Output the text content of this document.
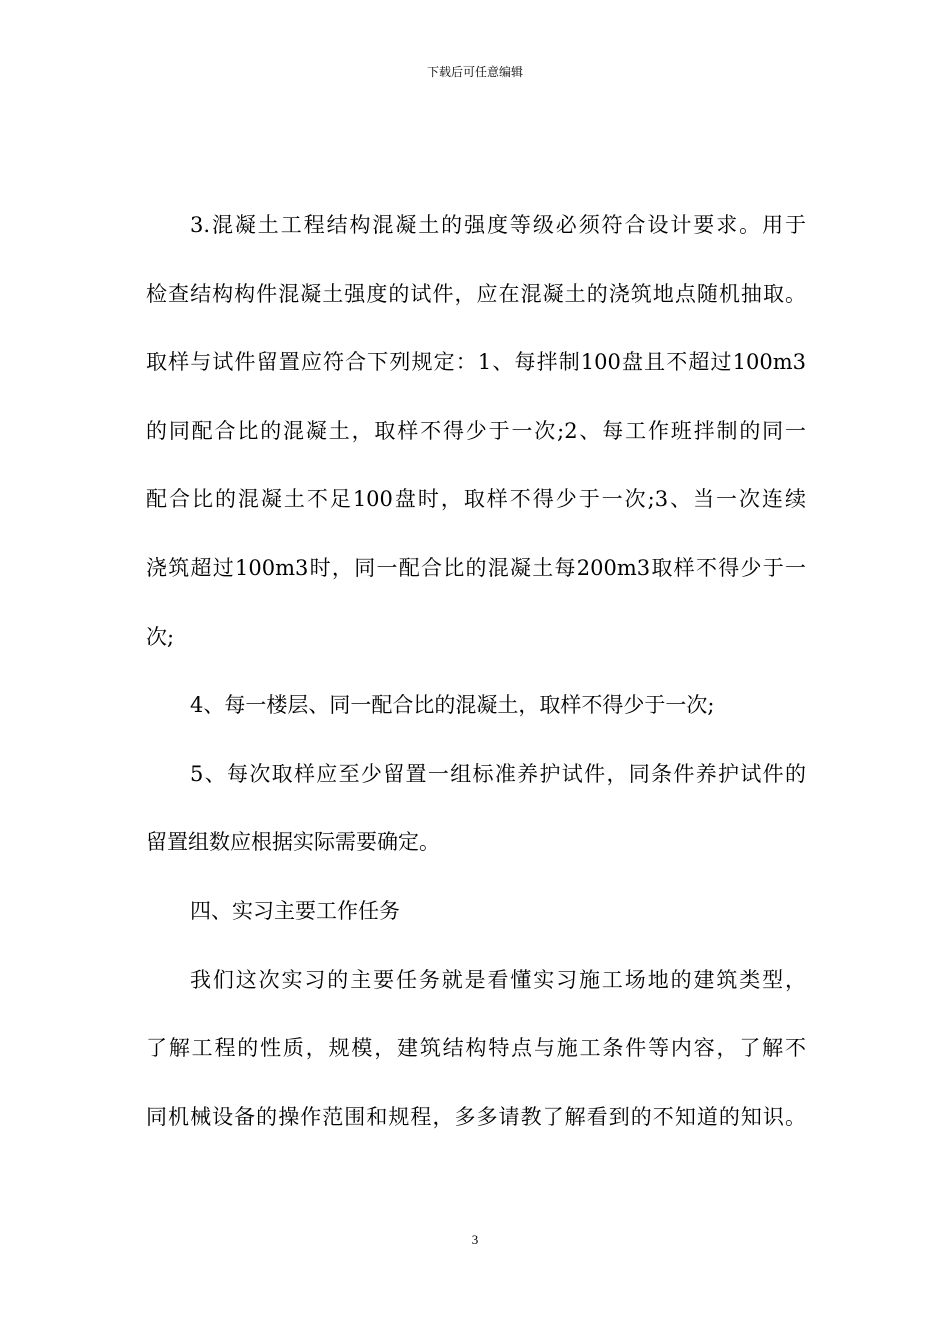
下载后可任意编辑

3.混凝土工程结构混凝土的强度等级必须符合设计要求。用于

检查结构构件混凝土强度的试件，应在混凝土的浇筑地点随机抽取。

取样与试件留置应符合下列规定：1、每拌制100盘且不超过100m3

的同配合比的混凝土，取样不得少于一次;2、每工作班拌制的同一

配合比的混凝土不足100盘时，取样不得少于一次;3、当一次连续

浇筑超过100m3时，同一配合比的混凝土每200m3取样不得少于一

次;

4、每一楼层、同一配合比的混凝土，取样不得少于一次;

5、每次取样应至少留置一组标准养护试件，同条件养护试件的

留置组数应根据实际需要确定。

四、实习主要工作任务

我们这次实习的主要任务就是看懂实习施工场地的建筑类型，

了解工程的性质，规模，建筑结构特点与施工条件等内容，了解不

同机械设备的操作范围和规程，多多请教了解看到的不知道的知识。

3
